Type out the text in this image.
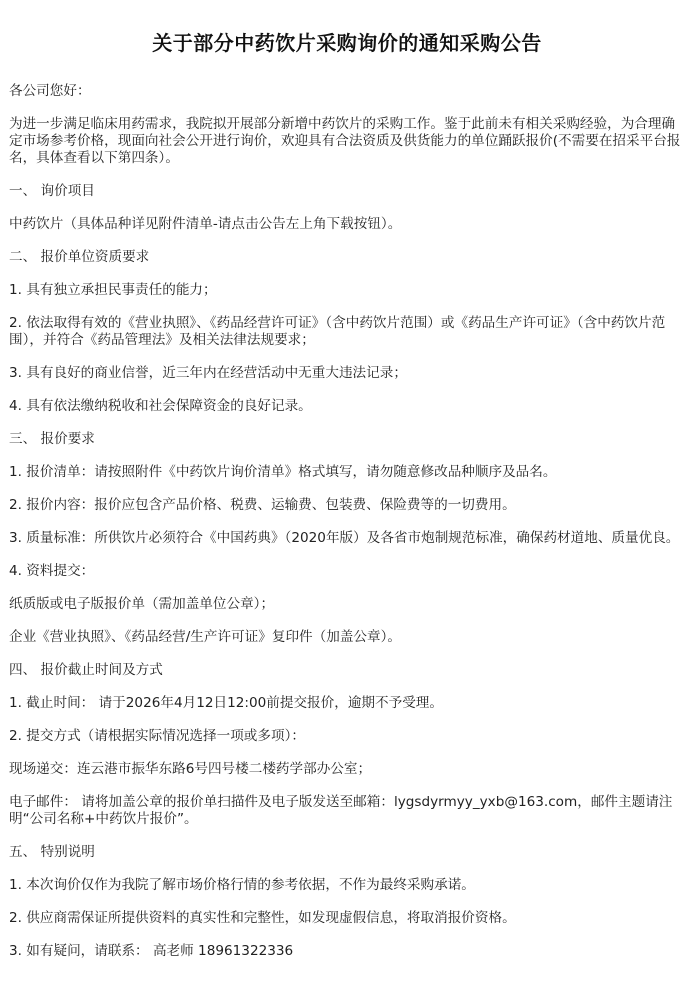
关于部分中药饮片采购询价的通知采购公告

各公司您好：

为进一步满足临床用药需求，我院拟开展部分新增中药饮片的采购工作。鉴于此前未有相关采购经验，为合理确定市场参考价格，现面向社会公开进行询价，欢迎具有合法资质及供货能力的单位踊跃报价(不需要在招采平台报名，具体查看以下第四条）。

一、 询价项目

中药饮片（具体品种详见附件清单-请点击公告左上角下载按钮）。

二、 报价单位资质要求

1. 具有独立承担民事责任的能力；

2. 依法取得有效的《营业执照》、《药品经营许可证》（含中药饮片范围）或《药品生产许可证》（含中药饮片范围），并符合《药品管理法》及相关法律法规要求；

3. 具有良好的商业信誉，近三年内在经营活动中无重大违法记录；

4. 具有依法缴纳税收和社会保障资金的良好记录。

三、 报价要求

1. 报价清单：请按照附件《中药饮片询价清单》格式填写，请勿随意修改品种顺序及品名。

2. 报价内容：报价应包含产品价格、税费、运输费、包装费、保险费等的一切费用。

3. 质量标准：所供饮片必须符合《中国药典》（2020年版）及各省市炮制规范标准，确保药材道地、质量优良。

4. 资料提交：

纸质版或电子版报价单（需加盖单位公章）；

企业《营业执照》、《药品经营/生产许可证》复印件（加盖公章）。

四、 报价截止时间及方式

1. 截止时间： 请于2026年4月12日12:00前提交报价，逾期不予受理。

2. 提交方式（请根据实际情况选择一项或多项）：

现场递交：连云港市振华东路6号四号楼二楼药学部办公室；

电子邮件： 请将加盖公章的报价单扫描件及电子版发送至邮箱：lygsdyrmyy_yxb@163.com，邮件主题请注明“公司名称+中药饮片报价”。

五、 特别说明

1. 本次询价仅作为我院了解市场价格行情的参考依据，不作为最终采购承诺。

2. 供应商需保证所提供资料的真实性和完整性，如发现虚假信息，将取消报价资格。

3. 如有疑问，请联系： 高老师 18961322336
